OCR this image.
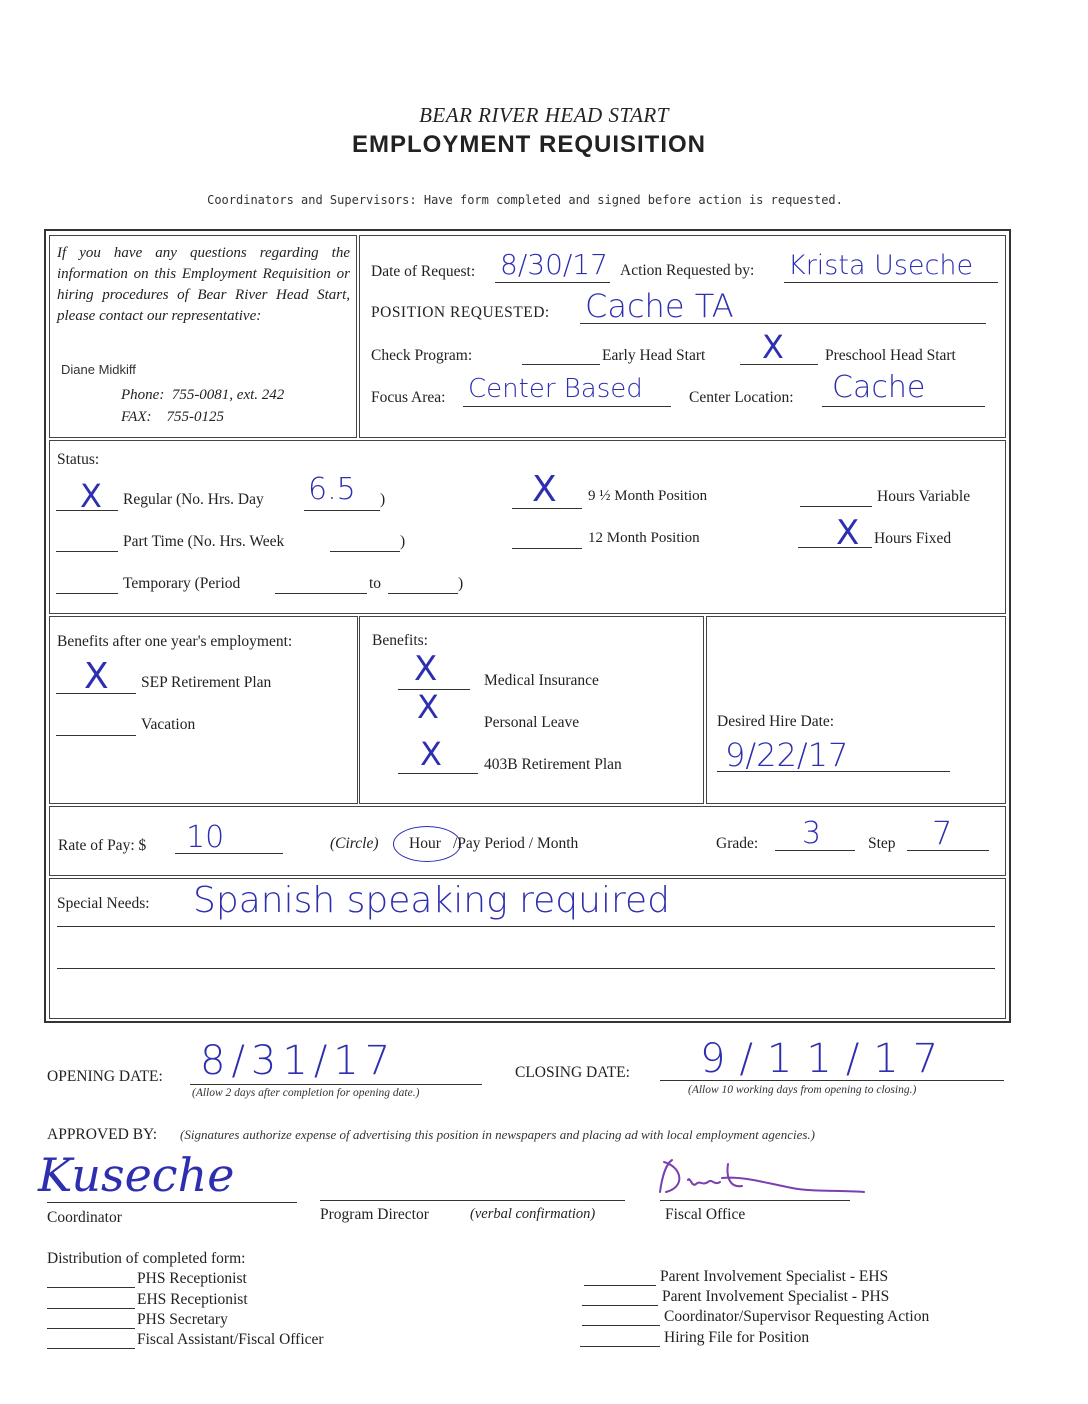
BEAR RIVER HEAD START
EMPLOYMENT REQUISITION
Coordinators and Supervisors: Have form completed and signed before action is requested.
If you have any questions regarding the information on this Employment Requisition or hiring procedures of Bear River Head Start, please contact our representative:
Diane Midkiff
Phone:  755-0081, ext. 242
FAX:    755-0125
Date of Request: 8/30/17 Action Requested by: Krista Useche
POSITION REQUESTED: Cache TA
Check Program:	Early Head Start X	Preschool Head Start
Focus Area: Center Based	Center Location: Cache
Status:
X Regular (No. Hrs. Day 6.5 )
Part Time (No. Hrs. Week	)
Temporary (Period	to	)
X 9 ½ Month Position
12 Month Position
Hours Variable
X Hours Fixed
Benefits after one year's employment:
X SEP Retirement Plan
Vacation
Benefits:
X	Medical Insurance
X	Personal Leave
X	403B Retirement Plan
Desired Hire Date:
9/22/17
Rate of Pay: $ 10	(Circle) Hour /Pay Period / Month	Grade: 3	Step 7
Special Needs: Spanish speaking required
OPENING DATE: 8/31/17
(Allow 2 days after completion for opening date.)
CLOSING DATE: 9/11/17
(Allow 10 working days from opening to closing.)
APPROVED BY: (Signatures authorize expense of advertising this position in newspapers and placing ad with local employment agencies.)
Kuseche
Coordinator	Program Director	(verbal confirmation)	Fiscal Office
Distribution of completed form:
PHS Receptionist
EHS Receptionist
PHS Secretary
Fiscal Assistant/Fiscal Officer
Parent Involvement Specialist - EHS
Parent Involvement Specialist - PHS
Coordinator/Supervisor Requesting Action
Hiring File for Position
